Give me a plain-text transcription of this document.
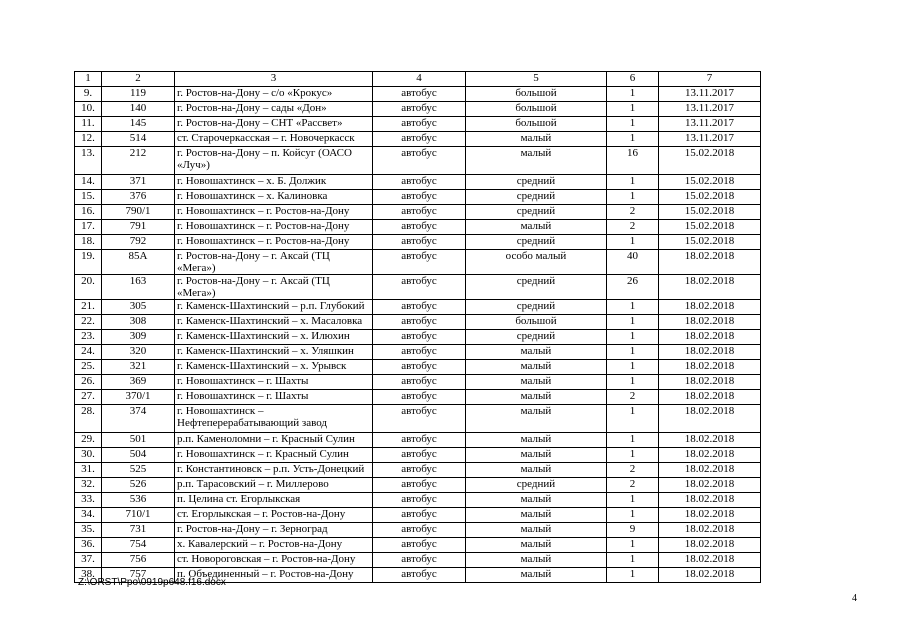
1	2	3	4	5	6	7
9.	119	г. Ростов-на-Дону – с/о «Крокус»	автобус	большой	1	13.11.2017
10.	140	г. Ростов-на-Дону – сады «Дон»	автобус	большой	1	13.11.2017
11.	145	г. Ростов-на-Дону – СНТ «Рассвет»	автобус	большой	1	13.11.2017
12.	514	ст. Старочеркасская – г. Новочеркасск	автобус	малый	1	13.11.2017
13.	212	г. Ростов-на-Дону – п. Койсуг (ОАСО «Луч»)	автобус	малый	16	15.02.2018
14.	371	г. Новошахтинск – х. Б. Должик	автобус	средний	1	15.02.2018
15.	376	г. Новошахтинск – х. Калиновка	автобус	средний	1	15.02.2018
16.	790/1	г. Новошахтинск – г. Ростов-на-Дону	автобус	средний	2	15.02.2018
17.	791	г. Новошахтинск – г. Ростов-на-Дону	автобус	малый	2	15.02.2018
18.	792	г. Новошахтинск – г. Ростов-на-Дону	автобус	средний	1	15.02.2018
19.	85А	г. Ростов-на-Дону – г. Аксай (ТЦ «Мега»)	автобус	особо малый	40	18.02.2018
20.	163	г. Ростов-на-Дону – г. Аксай (ТЦ «Мега»)	автобус	средний	26	18.02.2018
21.	305	г. Каменск-Шахтинский – р.п. Глубокий	автобус	средний	1	18.02.2018
22.	308	г. Каменск-Шахтинский – х. Масаловка	автобус	большой	1	18.02.2018
23.	309	г. Каменск-Шахтинский – х. Илюхин	автобус	средний	1	18.02.2018
24.	320	г. Каменск-Шахтинский – х. Уляшкин	автобус	малый	1	18.02.2018
25.	321	г. Каменск-Шахтинский – х. Урывск	автобус	малый	1	18.02.2018
26.	369	г. Новошахтинск – г. Шахты	автобус	малый	1	18.02.2018
27.	370/1	г. Новошахтинск – г. Шахты	автобус	малый	2	18.02.2018
28.	374	г. Новошахтинск – Нефтеперерабатывающий завод	автобус	малый	1	18.02.2018
29.	501	р.п. Каменоломни – г. Красный Сулин	автобус	малый	1	18.02.2018
30.	504	г. Новошахтинск – г. Красный Сулин	автобус	малый	1	18.02.2018
31.	525	г. Константиновск – р.п. Усть-Донецкий	автобус	малый	2	18.02.2018
32.	526	р.п. Тарасовский – г. Миллерово	автобус	средний	2	18.02.2018
33.	536	п. Целина ст. Егорлыкская	автобус	малый	1	18.02.2018
34.	710/1	ст. Егорлыкская – г. Ростов-на-Дону	автобус	малый	1	18.02.2018
35.	731	г. Ростов-на-Дону – г. Зерноград	автобус	малый	9	18.02.2018
36.	754	х. Кавалерский – г. Ростов-на-Дону	автобус	малый	1	18.02.2018
37.	756	ст. Новороговская – г. Ростов-на-Дону	автобус	малый	1	18.02.2018
38.	757	п. Объединенный – г. Ростов-на-Дону	автобус	малый	1	18.02.2018
Z:\ORST\Ppo\0919p648.f16.docx
4
